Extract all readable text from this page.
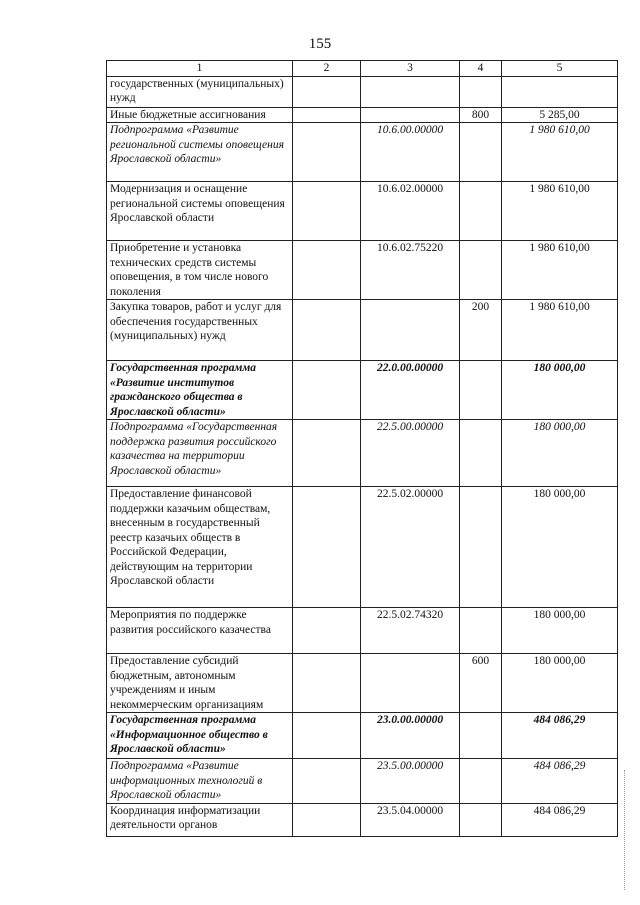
155
1	2	3	4	5
государственных (муниципальных) нужд				
Иные бюджетные ассигнования			800	5 285,00
Подпрограмма «Развитие региональной системы оповещения Ярославской области»		10.6.00.00000		1 980 610,00
Модернизация и оснащение региональной системы оповещения Ярославской области		10.6.02.00000		1 980 610,00
Приобретение и установка технических средств системы оповещения, в том числе нового поколения		10.6.02.75220		1 980 610,00
Закупка товаров, работ и услуг для обеспечения государственных (муниципальных) нужд			200	1 980 610,00
Государственная программа «Развитие институтов гражданского общества в Ярославской области»		22.0.00.00000		180 000,00
Подпрограмма «Государственная поддержка развития российского казачества на территории Ярославской области»		22.5.00.00000		180 000,00
Предоставление финансовой поддержки казачьим обществам, внесенным в государственный реестр казачьих обществ в Российской Федерации, действующим на территории Ярославской области		22.5.02.00000		180 000,00
Мероприятия по поддержке развития российского казачества		22.5.02.74320		180 000,00
Предоставление субсидий бюджетным, автономным учреждениям и иным некоммерческим организациям			600	180 000,00
Государственная программа «Информационное общество в Ярославской области»		23.0.00.00000		484 086,29
Подпрограмма «Развитие информационных технологий в Ярославской области»		23.5.00.00000		484 086,29
Координация информатизации деятельности органов		23.5.04.00000		484 086,29
